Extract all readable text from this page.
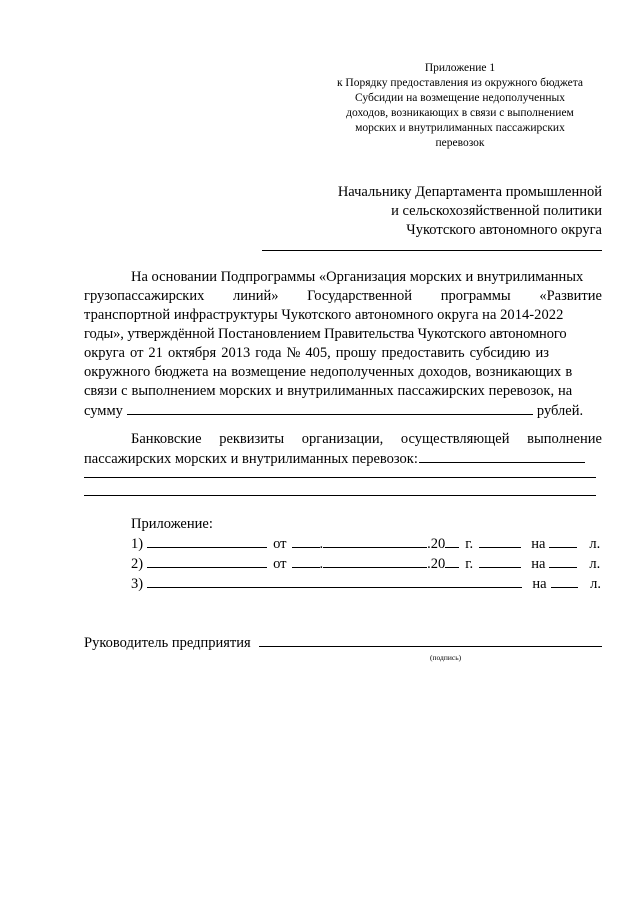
Приложение 1
к Порядку предоставления из окружного бюджета
Субсидии на возмещение недополученных
доходов, возникающих в связи с выполнением
морских и внутрилиманных пассажирских
перевозок
Начальнику Департамента промышленной
и сельскохозяйственной политики
Чукотского автономного округа
На основании Подпрограммы «Организация морских и внутрилиманных
грузопассажирских линий» Государственной программы «Развитие
транспортной инфраструктуры Чукотского автономного округа на 2014-2022
годы», утверждённой Постановлением Правительства Чукотского автономного
округа от 21 октября 2013 года № 405, прошу предоставить субсидию из
окружного бюджета на возмещение недополученных доходов, возникающих в
связи с выполнением морских и внутрилиманных пассажирских перевозок, на
сумму	рублей.
Банковские реквизиты организации, осуществляющей выполнение
пассажирских морских и внутрилиманных перевозок:
Приложение:
1)	от .	.20 г.	на	л.
2)	от .	.20 г.	на	л.
3)	на	л.
Руководитель предприятия
(подпись)
